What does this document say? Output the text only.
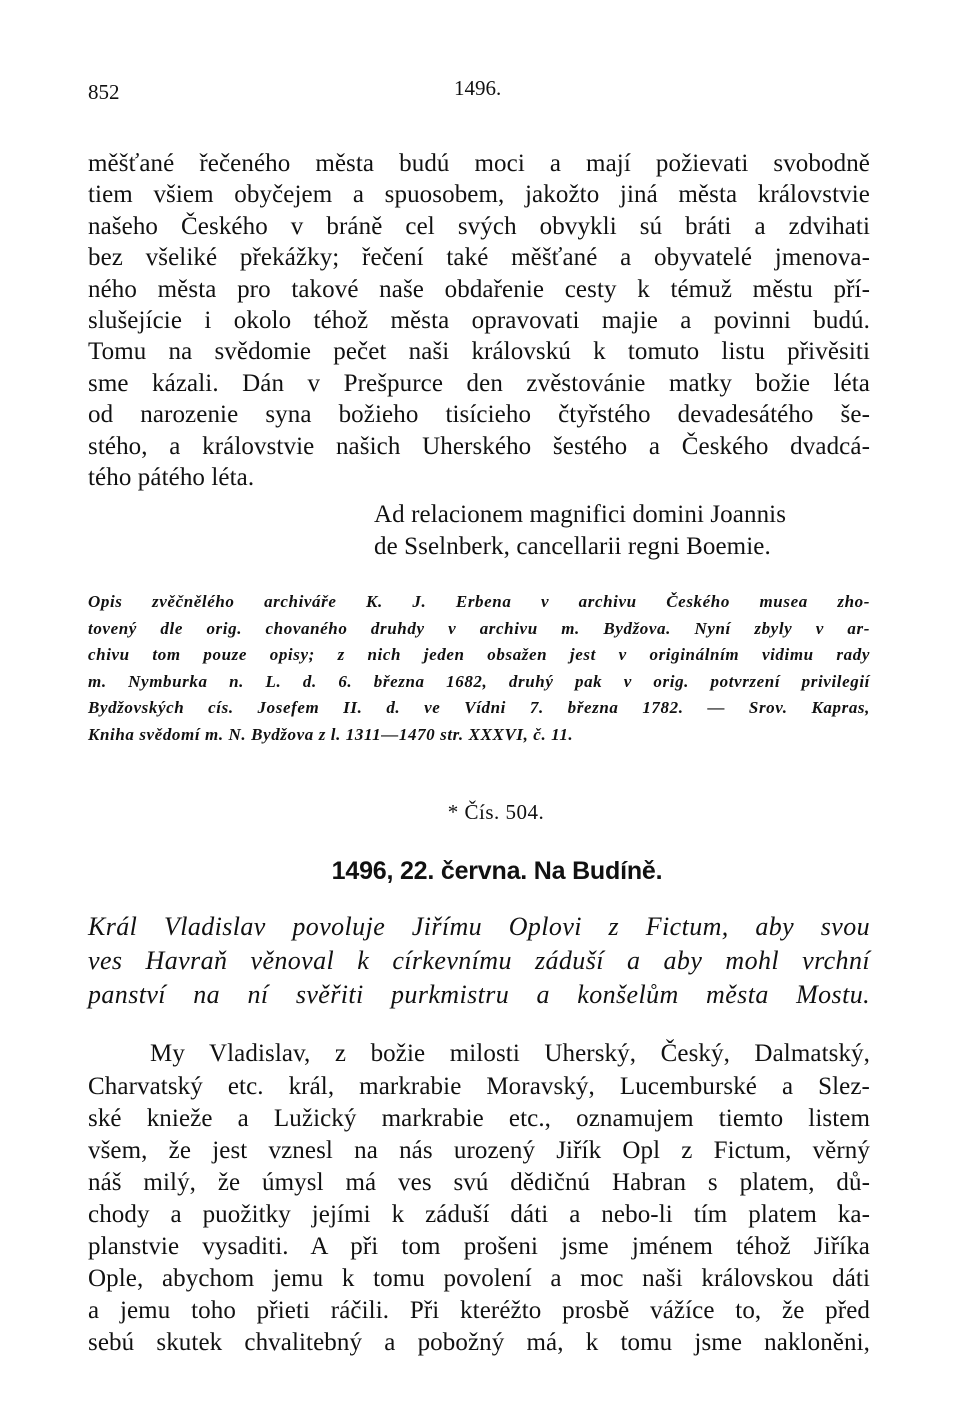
852	1496.
měšťané řečeného města budú moci a mají požievati svobodně
tiem všiem obyčejem a spuosobem, jakožto jiná města královstvie
našeho Českého v bráně cel svých obvykli sú bráti a zdvihati
bez všeliké překážky; řečení také měšťané a obyvatelé jmenova-
ného města pro takové naše obdařenie cesty k témuž městu pří-
slušejície i okolo téhož města opravovati majie a povinni budú.
Tomu na svědomie pečet naši královskú k tomuto listu přivěsiti
sme kázali. Dán v Prešpurce den zvěstovánie matky božie léta
od narozenie syna božieho tisícieho čtyřstého devadesátého še-
stého, a královstvie našich Uherského šestého a Českého dvadcá-
tého pátého léta.
Ad relacionem magnifici domini Joannis
de Sselnberk, cancellarii regni Boemie.
Opis zvěčnělého archiváře K. J. Erbena v archivu Českého musea zho-
tovený dle orig. chovaného druhdy v archivu m. Bydžova. Nyní zbyly v ar-
chivu tom pouze opisy; z nich jeden obsažen jest v originálním vidimu rady
m. Nymburka n. L. d. 6. března 1682, druhý pak v orig. potvrzení privilegií
Bydžovských cís. Josefem II. d. ve Vídni 7. března 1782. — Srov. Kapras,
Kniha svědomí m. N. Bydžova z l. 1311—1470 str. XXXVI, č. 11.
* Čís. 504.
1496, 22. června. Na Budíně.
Král Vladislav povoluje Jiřímu Oplovi z Fictum, aby svou
ves Havraň věnoval k církevnímu záduší a aby mohl vrchní
panství na ní svěřiti purkmistru a konšelům města Mostu.
My Vladislav, z božie milosti Uherský, Český, Dalmatský,
Charvatský etc. král, markrabie Moravský, Lucemburské a Slez-
ské knieže a Lužický markrabie etc., oznamujem tiemto listem
všem, že jest vznesl na nás urozený Jiřík Opl z Fictum, věrný
náš milý, že úmysl má ves svú dědičnú Habran s platem, dů-
chody a puožitky jejími k záduší dáti a nebo-li tím platem ka-
planstvie vysaditi. A při tom prošeni jsme jménem téhož Jiříka
Ople, abychom jemu k tomu povolení a moc naši královskou dáti
a jemu toho přieti ráčili. Při kteréžto prosbě vážíce to, že před
sebú skutek chvalitebný a pobožný má, k tomu jsme nakloněni,
